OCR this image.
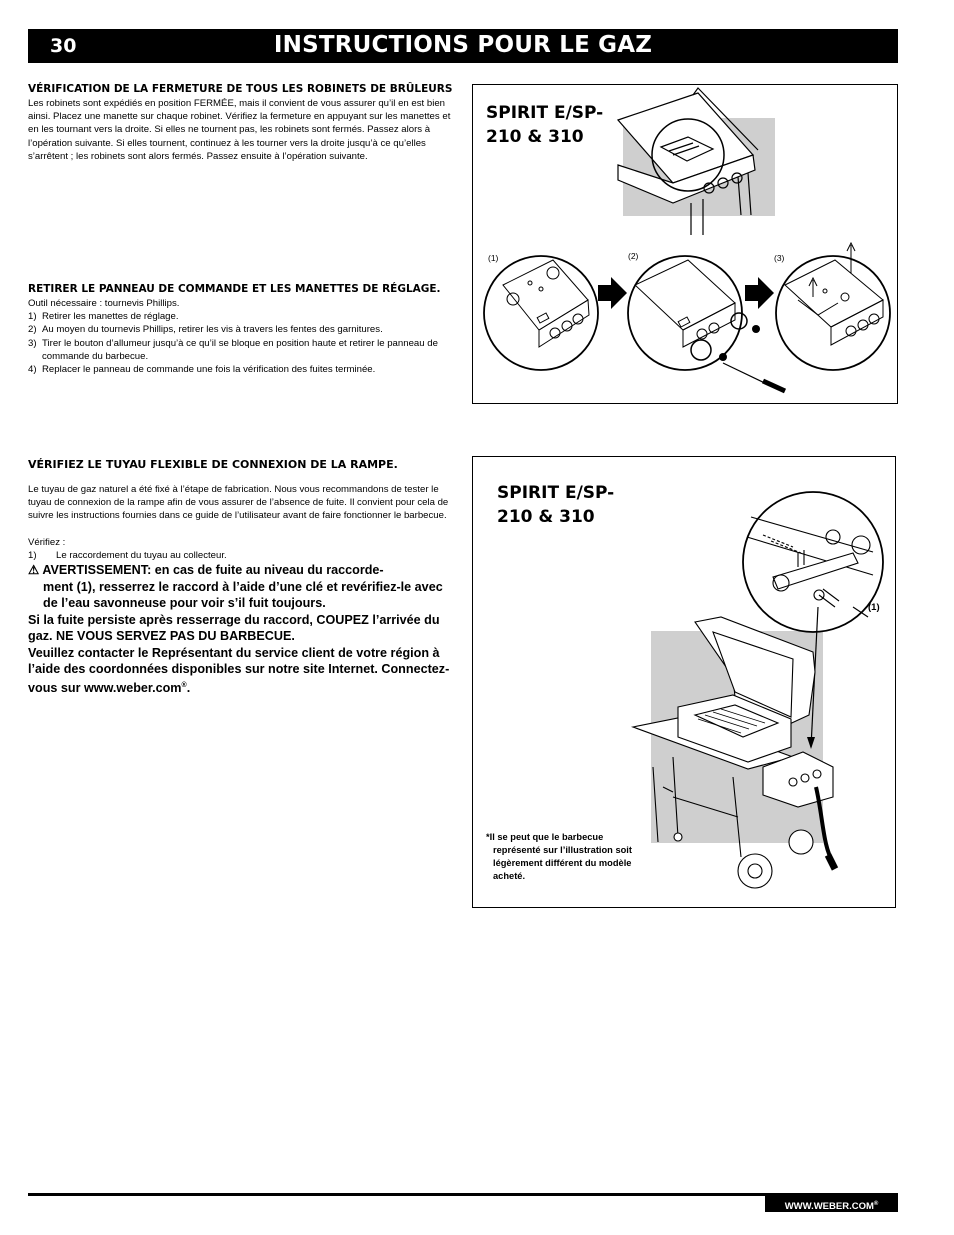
30	INSTRUCTIONS POUR LE GAZ

VÉRIFICATION DE LA FERMETURE DE TOUS LES ROBINETS DE BRÛLEURS

Les robinets sont expédiés en position FERMÉE, mais il convient de vous assurer qu’il en est bien ainsi. Placez une manette sur chaque robinet. Vérifiez la fermeture en appuyant sur les manettes et en les tournant vers la droite. Si elles ne tournent pas, les robinets sont fermés. Passez alors à l’opération suivante. Si elles tournent, continuez à les tourner vers la droite jusqu’à ce qu’elles s’arrêtent ; les robinets sont alors fermés. Passez ensuite à l’opération suivante.

RETIRER LE PANNEAU DE COMMANDE ET LES MANETTES DE RÉGLAGE.

Outil nécessaire : tournevis Phillips.

1) Retirer les manettes de réglage.
2) Au moyen du tournevis Phillips, retirer les vis à travers les fentes des garnitures.
3) Tirer le bouton d’allumeur jusqu’à ce qu’il se bloque en position haute et retirer le panneau de commande du barbecue.
4) Replacer le panneau de commande une fois la vérification des fuites terminée.

VÉRIFIEZ LE TUYAU FLEXIBLE DE CONNEXION DE LA RAMPE.

Le tuyau de gaz naturel a été fixé à l’étape de fabrication. Nous vous recommandons de tester le tuyau de connexion de la rampe afin de vous assurer de l’absence de fuite. Il convient pour cela de suivre les instructions fournies dans ce guide de l’utilisateur avant de faire fonctionner le barbecue.

Vérifiez :

1)	Le raccordement du tuyau au collecteur.

⚠ AVERTISSEMENT: en cas de fuite au niveau du raccorde-

ment (1), resserrez le raccord à l’aide d’une clé et revérifiez-le avec de l’eau savonneuse pour voir s’il fuit toujours.

Si la fuite persiste après resserrage du raccord, COUPEZ l’arrivée du gaz. NE VOUS SERVEZ PAS DU BARBECUE.

Veuillez contacter le Représentant du service client de votre région à l’aide des coordonnées disponibles sur notre site Internet. Connectez-vous sur www.weber.com®.

SPIRIT E/SP-
210 & 310
(1)	(2)	(3)
SPIRIT E/SP-
210 & 310
(1)
*Il se peut que le barbecue représenté sur l’illustration soit légèrement différent du modèle acheté.
WWW.WEBER.COM®
